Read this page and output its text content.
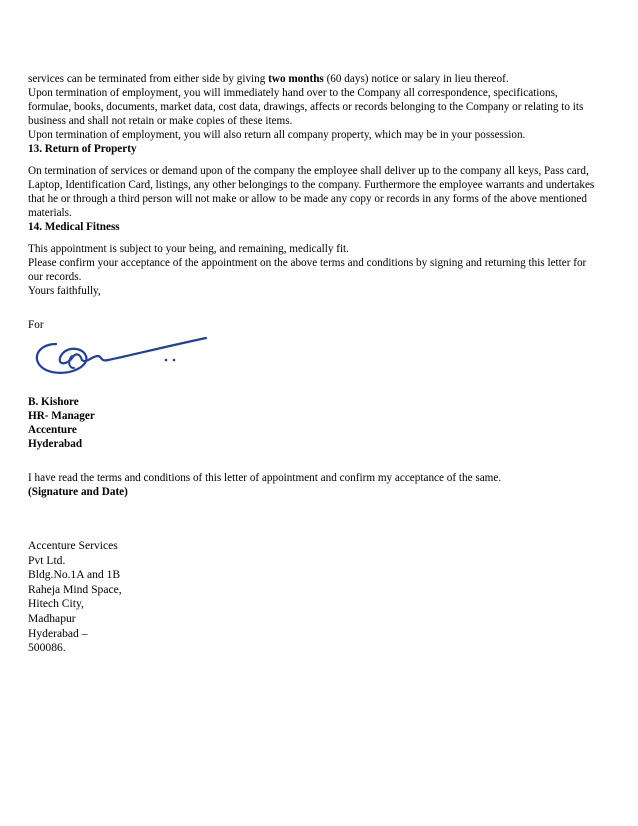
services can be terminated from either side by giving two months (60 days) notice or salary in lieu thereof.
Upon termination of employment, you will immediately hand over to the Company all correspondence, specifications,
formulae, books, documents, market data, cost data, drawings, affects or records belonging to the Company or relating to its
business and shall not retain or make copies of these items.
Upon termination of employment, you will also return all company property, which may be in your possession.
13. Return of Property
On termination of services or demand upon of the company the employee shall deliver up to the company all keys, Pass card,
Laptop, Identification Card, listings, any other belongings to the company. Furthermore the employee warrants and undertakes
that he or through a third person will not make or allow to be made any copy or records in any forms of the above mentioned
materials.
14. Medical Fitness
This appointment is subject to your being, and remaining, medically fit.
Please confirm your acceptance of the appointment on the above terms and conditions by signing and returning this letter for
our records.
Yours faithfully,
For
B. Kishore
HR- Manager
Accenture
Hyderabad
I have read the terms and conditions of this letter of appointment and confirm my acceptance of the same.
(Signature and Date)
Accenture Services
Pvt Ltd.
Bldg.No.1A and 1B
Raheja Mind Space,
Hitech City,
Madhapur
Hyderabad –
500086.
